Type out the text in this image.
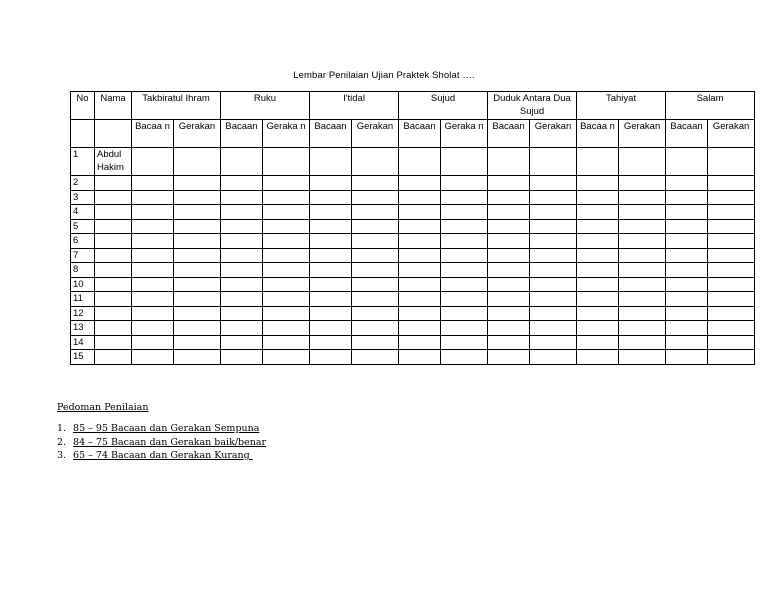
Lembar Penilaian Ujian Praktek Sholat ….
No	Nama	Takbiratul Ihram		Ruku		I'tidal		Sujud		Duduk Antara Dua Sujud		Tahiyat		Salam	
		Bacaa n	Gerakan	Bacaan	Geraka n	Bacaan	Gerakan	Bacaan	Geraka n	Bacaan	Gerakan	Bacaa n	Gerakan	Bacaan	Gerakan
1	Abdul Hakim														
2															
3															
4															
5															
6															
7															
8															
10															
11															
12															
13															
14															
15															
Pedoman Penilaian
1. 85 – 95 Bacaan dan Gerakan Sempuna
2. 84 – 75 Bacaan dan Gerakan baik/benar
3. 65 – 74 Bacaan dan Gerakan Kurang
